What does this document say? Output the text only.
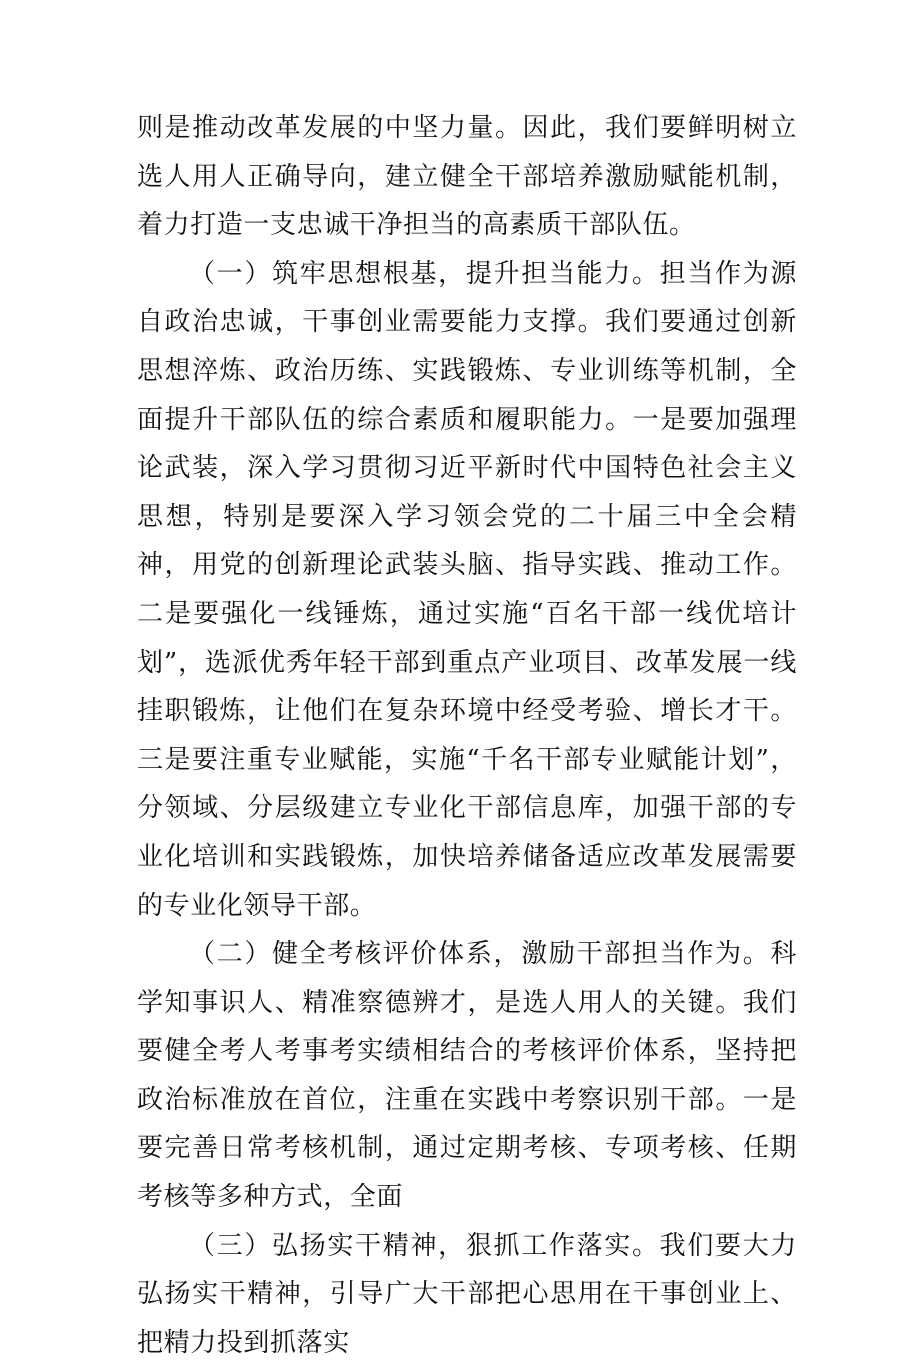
则是推动改革发展的中坚力量。因此，我们要鲜明树立选人用人正确导向，建立健全干部培养激励赋能机制，着力打造一支忠诚干净担当的高素质干部队伍。

（一）筑牢思想根基，提升担当能力。担当作为源自政治忠诚，干事创业需要能力支撑。我们要通过创新思想淬炼、政治历练、实践锻炼、专业训练等机制，全面提升干部队伍的综合素质和履职能力。一是要加强理论武装，深入学习贯彻习近平新时代中国特色社会主义思想，特别是要深入学习领会党的二十届三中全会精神，用党的创新理论武装头脑、指导实践、推动工作。二是要强化一线锤炼，通过实施“百名干部一线优培计划”，选派优秀年轻干部到重点产业项目、改革发展一线挂职锻炼，让他们在复杂环境中经受考验、增长才干。三是要注重专业赋能，实施“千名干部专业赋能计划”，分领域、分层级建立专业化干部信息库，加强干部的专业化培训和实践锻炼，加快培养储备适应改革发展需要的专业化领导干部。

（二）健全考核评价体系，激励干部担当作为。科学知事识人、精准察德辨才，是选人用人的关键。我们要健全考人考事考实绩相结合的考核评价体系，坚持把政治标准放在首位，注重在实践中考察识别干部。一是要完善日常考核机制，通过定期考核、专项考核、任期考核等多种方式，全面

（三）弘扬实干精神，狠抓工作落实。我们要大力弘扬实干精神，引导广大干部把心思用在干事创业上、把精力投到抓落实
